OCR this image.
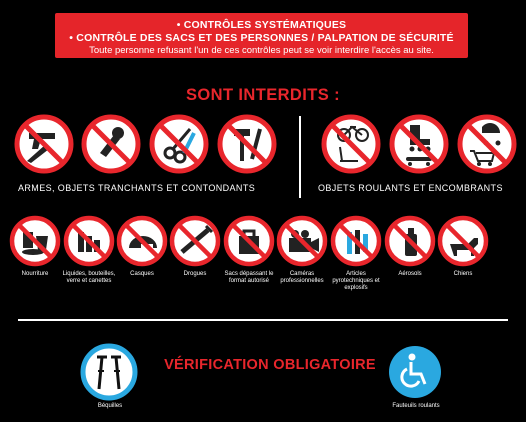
• CONTRÔLES SYSTÉMATIQUES
• CONTRÔLE DES SACS ET DES PERSONNES / PALPATION DE SÉCURITÉ
Toute personne refusant l'un de ces contrôles peut se voir interdire l'accès au site.
SONT INTERDITS :
ARMES, OBJETS TRANCHANTS ET CONTONDANTS	OBJETS ROULANTS ET ENCOMBRANTS
Nourriture	Liquides, bouteilles, verre et canettes
Casques	Drogues	Sacs dépassant le format autorisé
Caméras professionnelles
Articles pyrotechniques et explosifs
Aérosols	Chiens
VÉRIFICATION OBLIGATOIRE
Béquilles	Fauteuils roulants
